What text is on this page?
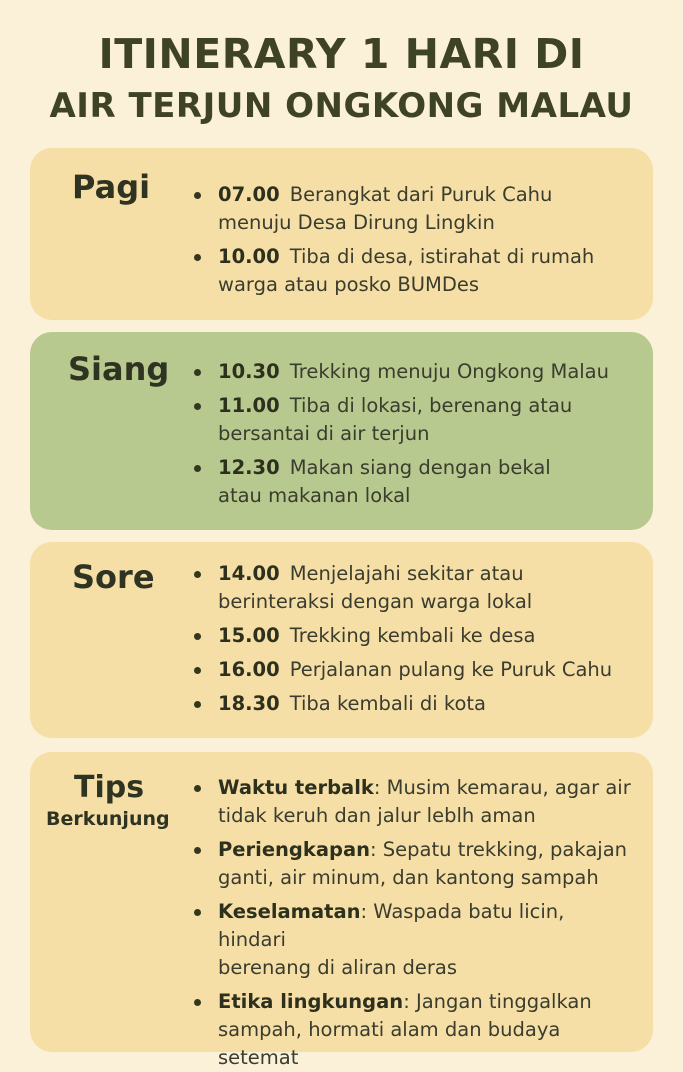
ITINERARY 1 HARI DI
AIR TERJUN ONGKONG MALAU
Pagi	07.00 Berangkat dari Puruk Cahu
menuju Desa Dirung Lingkin
10.00 Tiba di desa, istirahat di rumah
warga atau posko BUMDes
Siang	10.30 Trekking menuju Ongkong Malau
11.00 Tiba di lokasi, berenang atau
bersantai di air terjun
12.30 Makan siang dengan bekal
atau makanan lokal
Sore	14.00 Menjelajahi sekitar atau
berinteraksi dengan warga lokal
15.00 Trekking kembali ke desa
16.00 Perjalanan pulang ke Puruk Cahu
18.30 Tiba kembali di kota
Tips
Berkunjung
Waktu terbalk: Musim kemarau, agar air
tidak keruh dan jalur leblh aman
Periengkapan: Sepatu trekking, pakajan
ganti, air minum, dan kantong sampah
Keselamatan: Waspada batu licin, hindari
berenang di aliran deras
Etika lingkungan: Jangan tinggalkan
sampah, hormati alam dan budaya setemat
